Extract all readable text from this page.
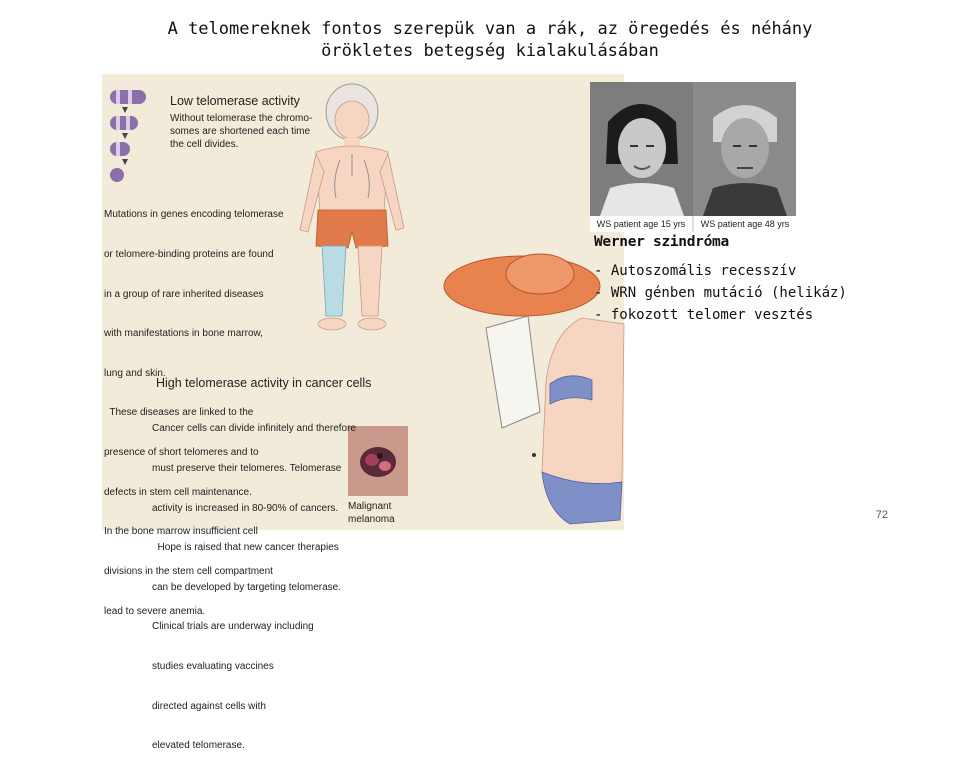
A telomereknek fontos szerepük van a rák, az öregedés és néhány
örökletes betegség kialakulásában
Low telomerase activity
Without telomerase the chromo-
somes are shortened each time
the cell divides.

Mutations in genes encoding telomerase

or telomere-binding proteins are found

in a group of rare inherited diseases

with manifestations in bone marrow,

lung and skin.

These diseases are linked to the

presence of short telomeres and to

defects in stem cell maintenance.

In the bone marrow insufficient cell

divisions in the stem cell compartment

lead to severe anemia.

High telomerase activity in cancer cells

Cancer cells can divide infinitely and therefore

must preserve their telomeres. Telomerase

activity is increased in 80-90% of cancers.

Hope is raised that new cancer therapies

can be developed by targeting telomerase.

Clinical trials are underway including

studies evaluating vaccines

directed against cells with

elevated telomerase.

Malignant
melanoma
WS patient age 15 yrs	WS patient age 48 yrs
Werner szindróma
- Autoszomális recesszív
- WRN génben mutáció (helikáz)
- fokozott telomer vesztés
72
